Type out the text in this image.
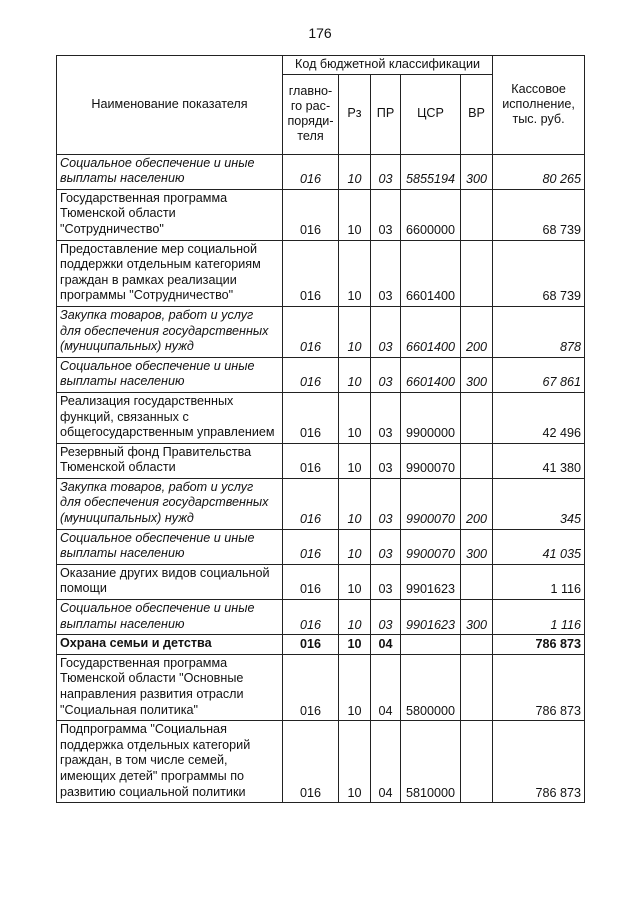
176
Наименование показателя	Код бюджетной классификации					Кассовое
исполнение,
тыс. руб.

	главно-
го рас-
поряди-
теля	Рз	ПР	ЦСР	ВР	

Социальное обеспечение и иные
выплаты населению	016	10	03	5855194	300	80 265

Государственная программа
Тюменской области
"Сотрудничество"	016	10	03	6600000		68 739

Предоставление мер социальной
поддержки отдельным категориям
граждан в рамках реализации
программы "Сотрудничество"	016	10	03	6601400		68 739

Закупка товаров, работ и услуг
для обеспечения государственных
(муниципальных) нужд	016	10	03	6601400	200	878

Социальное обеспечение и иные
выплаты населению	016	10	03	6601400	300	67 861

Реализация государственных
функций, связанных с
общегосударственным управлением	016	10	03	9900000		42 496

Резервный фонд Правительства
Тюменской области	016	10	03	9900070		41 380

Закупка товаров, работ и услуг
для обеспечения государственных
(муниципальных) нужд	016	10	03	9900070	200	345

Социальное обеспечение и иные
выплаты населению	016	10	03	9900070	300	41 035

Оказание других видов социальной
помощи	016	10	03	9901623		1 116

Социальное обеспечение и иные
выплаты населению	016	10	03	9901623	300	1 116

Охрана семьи и детства	016	10	04			786 873

Государственная программа
Тюменской области "Основные
направления развития отрасли
"Социальная политика"	016	10	04	5800000		786 873

Подпрограмма "Социальная
поддержка отдельных категорий
граждан, в том числе семей,
имеющих детей" программы по
развитию социальной политики	016	10	04	5810000		786 873
